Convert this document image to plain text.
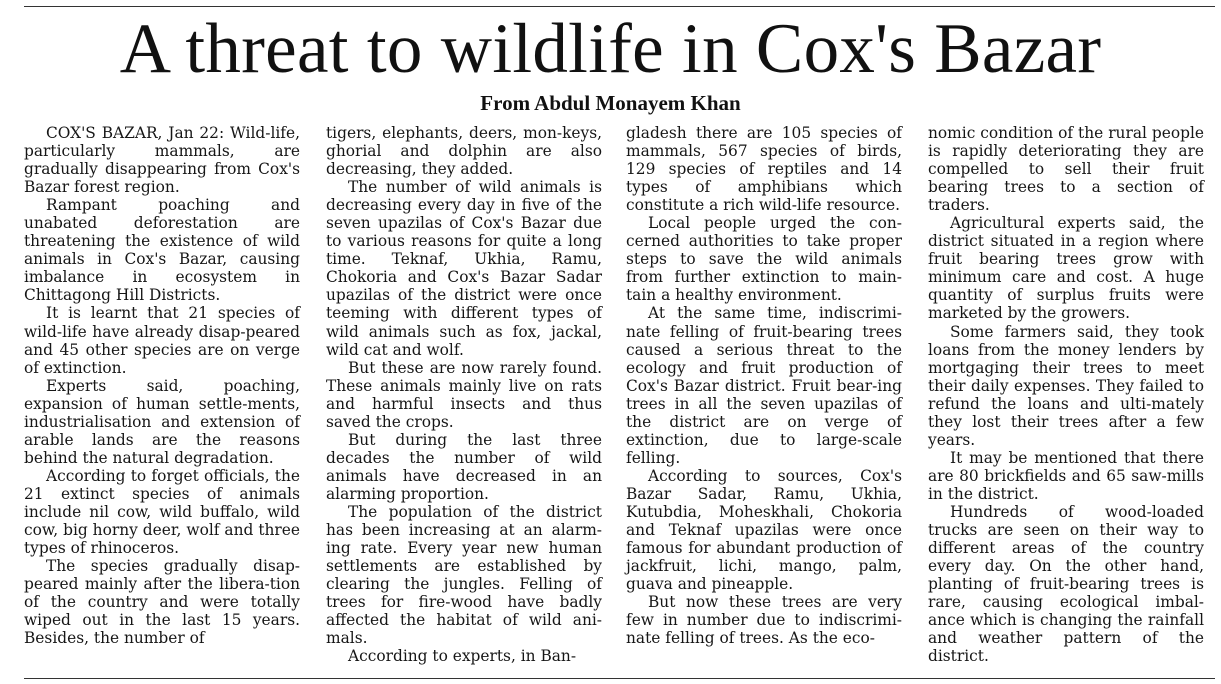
A threat to wildlife in Cox's Bazar
From Abdul Monayem Khan

COX'S BAZAR, Jan 22: Wild-life, particularly mammals, are gradually disappearing from Cox's Bazar forest region.

Rampant poaching and unabated deforestation are threatening the existence of wild animals in Cox's Bazar, causing imbalance in ecosystem in Chittagong Hill Districts.

It is learnt that 21 species of wild-life have already disap-peared and 45 other species are on verge of extinction.

Experts said, poaching, expansion of human settle-ments, industrialisation and extension of arable lands are the reasons behind the natural degradation.

According to forget officials, the 21 extinct species of animals include nil cow, wild buffalo, wild cow, big horny deer, wolf and three types of rhinoceros.

The species gradually disap-peared mainly after the libera-tion of the country and were totally wiped out in the last 15 years. Besides, the number of

tigers, elephants, deers, mon-keys, ghorial and dolphin are also decreasing, they added.

The number of wild animals is decreasing every day in five of the seven upazilas of Cox's Bazar due to various reasons for quite a long time. Teknaf, Ukhia, Ramu, Chokoria and Cox's Bazar Sadar upazilas of the district were once teeming with different types of wild animals such as fox, jackal, wild cat and wolf.

But these are now rarely found. These animals mainly live on rats and harmful insects and thus saved the crops.

But during the last three decades the number of wild animals have decreased in an alarming proportion.

The population of the district has been increasing at an alarm-ing rate. Every year new human settlements are established by clearing the jungles. Felling of trees for fire-wood have badly affected the habitat of wild ani-mals.

According to experts, in Ban-

gladesh there are 105 species of mammals, 567 species of birds, 129 species of reptiles and 14 types of amphibians which constitute a rich wild-life resource.

Local people urged the con-cerned authorities to take proper steps to save the wild animals from further extinction to main-tain a healthy environment.

At the same time, indiscrimi-nate felling of fruit-bearing trees caused a serious threat to the ecology and fruit production of Cox's Bazar district. Fruit bear-ing trees in all the seven upazilas of the district are on verge of extinction, due to large-scale felling.

According to sources, Cox's Bazar Sadar, Ramu, Ukhia, Kutubdia, Moheskhali, Chokoria and Teknaf upazilas were once famous for abundant production of jackfruit, lichi, mango, palm, guava and pineapple.

But now these trees are very few in number due to indiscrimi-nate felling of trees. As the eco-

nomic condition of the rural people is rapidly deteriorating they are compelled to sell their fruit bearing trees to a section of traders.

Agricultural experts said, the district situated in a region where fruit bearing trees grow with minimum care and cost. A huge quantity of surplus fruits were marketed by the growers.

Some farmers said, they took loans from the money lenders by mortgaging their trees to meet their daily expenses. They failed to refund the loans and ulti-mately they lost their trees after a few years.

It may be mentioned that there are 80 brickfields and 65 saw-mills in the district.

Hundreds of wood-loaded trucks are seen on their way to different areas of the country every day. On the other hand, planting of fruit-bearing trees is rare, causing ecological imbal-ance which is changing the rainfall and weather pattern of the district.
